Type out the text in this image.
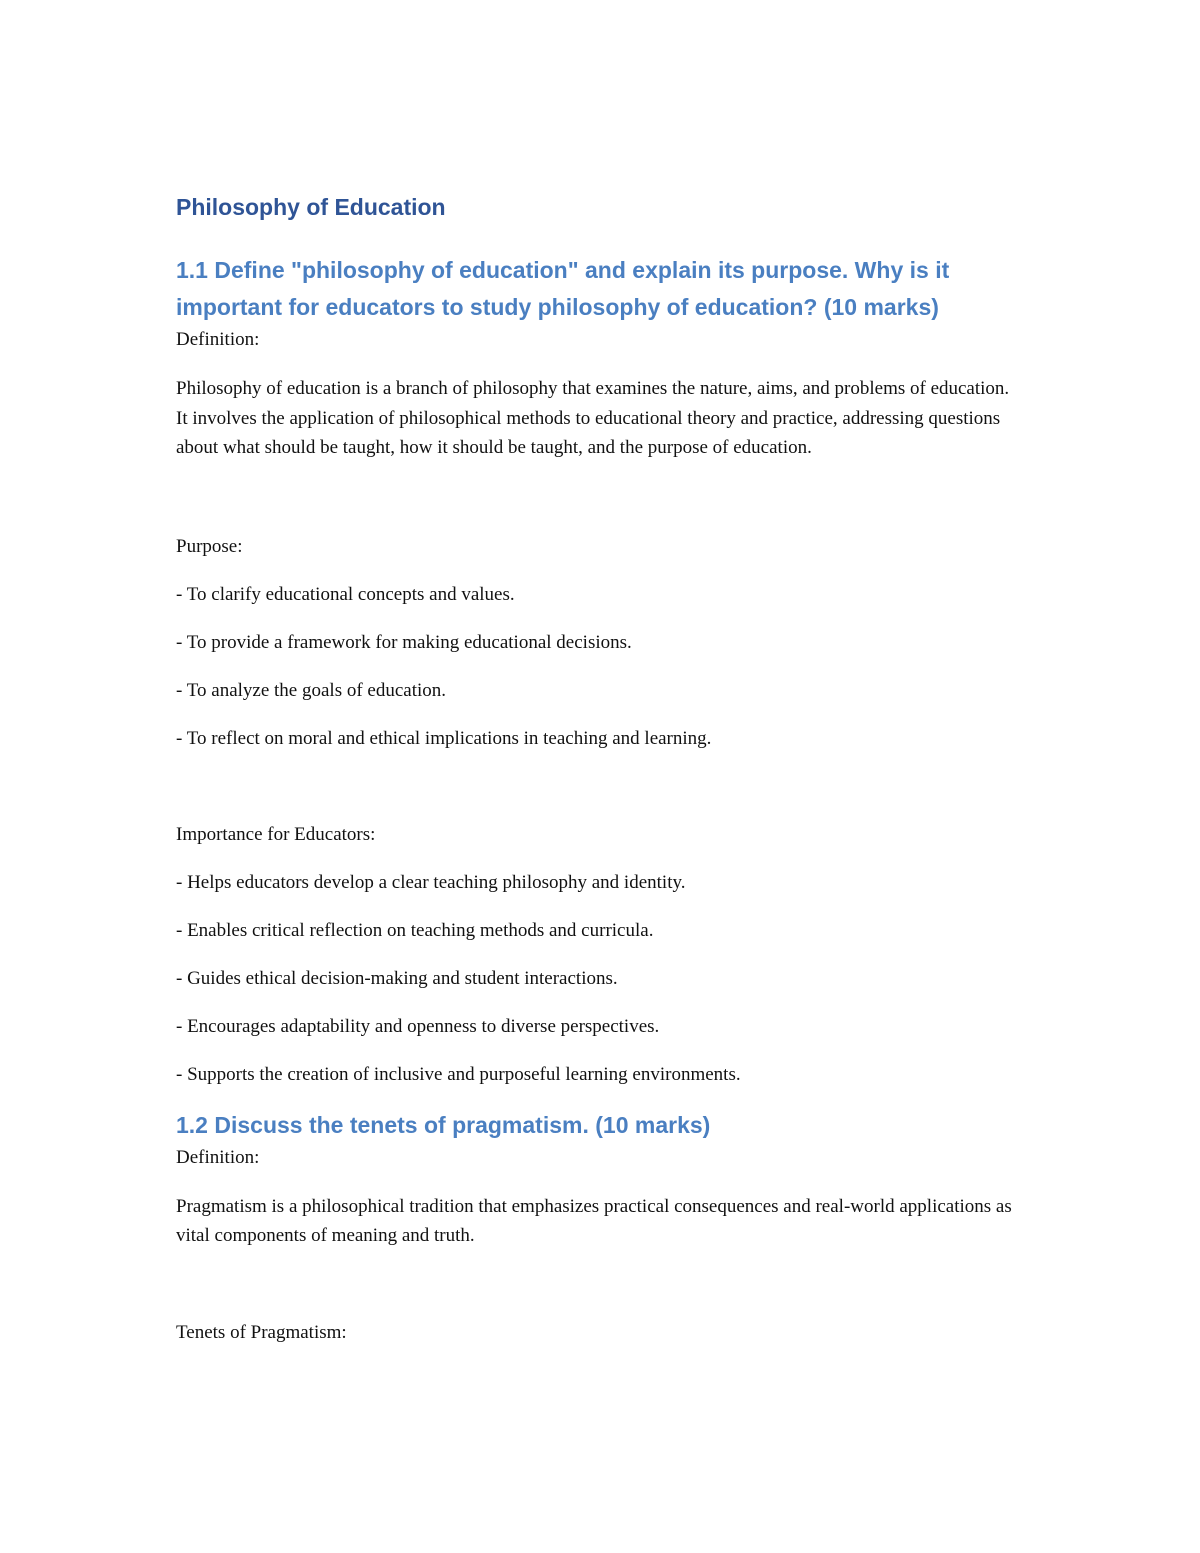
Philosophy of Education
1.1 Define "philosophy of education" and explain its purpose. Why is it important for educators to study philosophy of education? (10 marks)

Definition:

Philosophy of education is a branch of philosophy that examines the nature, aims, and problems of education. It involves the application of philosophical methods to educational theory and practice, addressing questions about what should be taught, how it should be taught, and the purpose of education.

Purpose:

- To clarify educational concepts and values.

- To provide a framework for making educational decisions.

- To analyze the goals of education.

- To reflect on moral and ethical implications in teaching and learning.

Importance for Educators:

- Helps educators develop a clear teaching philosophy and identity.

- Enables critical reflection on teaching methods and curricula.

- Guides ethical decision-making and student interactions.

- Encourages adaptability and openness to diverse perspectives.

- Supports the creation of inclusive and purposeful learning environments.

1.2 Discuss the tenets of pragmatism. (10 marks)

Definition:

Pragmatism is a philosophical tradition that emphasizes practical consequences and real-world applications as vital components of meaning and truth.

Tenets of Pragmatism:
